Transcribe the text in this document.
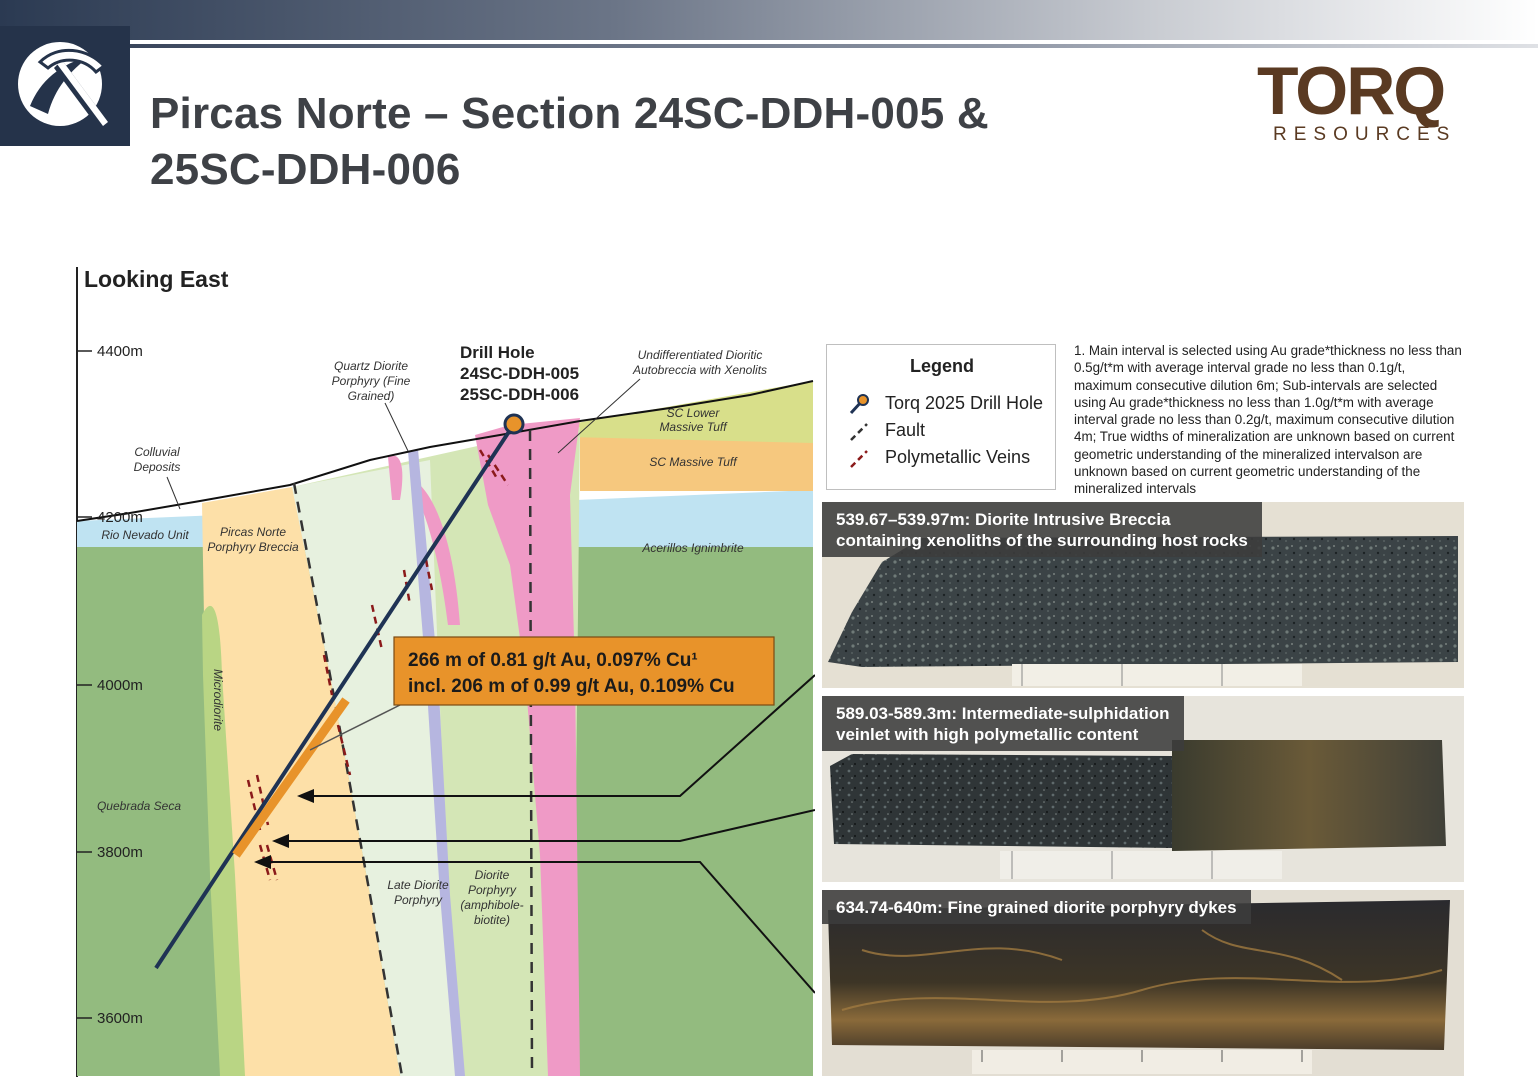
Pircas Norte – Section 24SC-DDH-005 &
25SC-DDH-006
TORQ
RESOURCES
Looking East
4400m
4200m
4000m
3800m
3600m
Drill Hole
24SC-DDH-005
25SC-DDH-006
Quartz Diorite
Porphyry (Fine
Grained)
Undifferentiated Dioritic
Autobreccia with Xenolits
Colluvial
Deposits
SC Lower
Massive Tuff
SC Massive Tuff
Rio Nevado Unit	Pircas Norte
Porphyry Breccia	Acerillos Ignimbrite
Quebrada Seca
Late Diorite
Porphyry
Diorite
Porphyry
(amphibole-
biotite)
Microdiorite
266 m of 0.81 g/t Au, 0.097% Cu¹
incl. 206 m of 0.99 g/t Au, 0.109% Cu
Legend
Torq 2025 Drill Hole
Fault
Polymetallic Veins
1. Main interval is selected using Au grade*thickness no less than 0.5g/t*m with average interval grade no less than 0.1g/t, maximum consecutive dilution 6m; Sub-intervals are selected using Au grade*thickness no less than 1.0g/t*m with average interval grade no less than 0.2g/t, maximum consecutive dilution 4m; True widths of mineralization are unknown based on current geometric understanding of the mineralized intervalson are unknown based on current geometric understanding of the mineralized intervals
539.67–539.97m: Diorite Intrusive Breccia
containing xenoliths of the surrounding host rocks
589.03-589.3m: Intermediate-sulphidation
veinlet with high polymetallic content
634.74-640m: Fine grained diorite porphyry dykes
